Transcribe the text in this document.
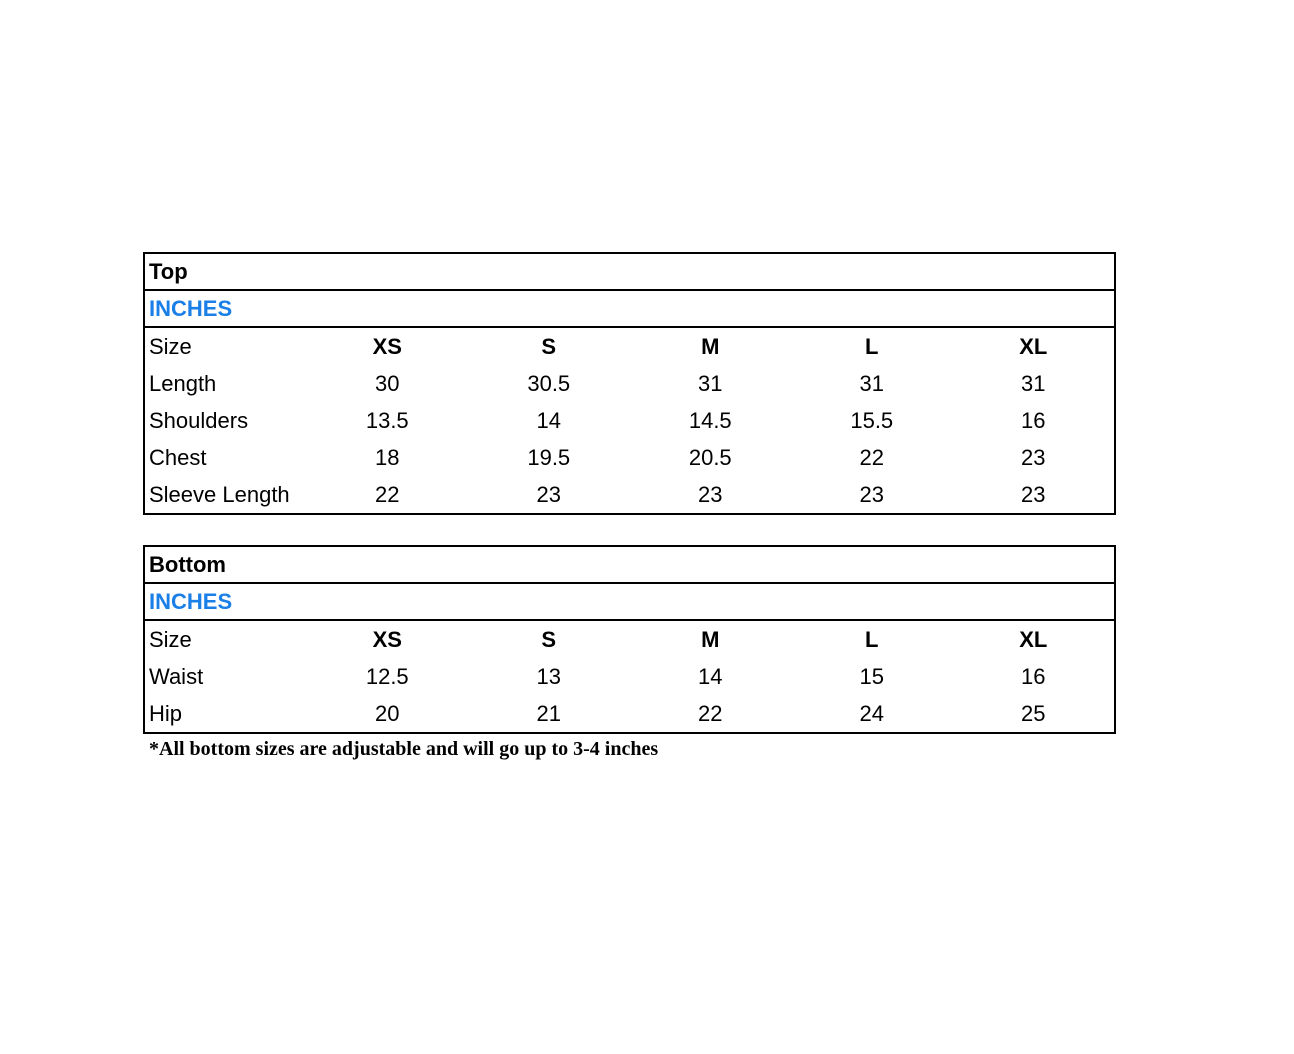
Top
INCHES
Size	XS	S	M	L	XL
Length	30	30.5	31	31	31
Shoulders	13.5	14	14.5	15.5	16
Chest	18	19.5	20.5	22	23
Sleeve Length	22	23	23	23	23
Bottom
INCHES
Size	XS	S	M	L	XL
Waist	12.5	13	14	15	16
Hip	20	21	22	24	25
*All bottom sizes are adjustable and will go up to 3-4 inches
